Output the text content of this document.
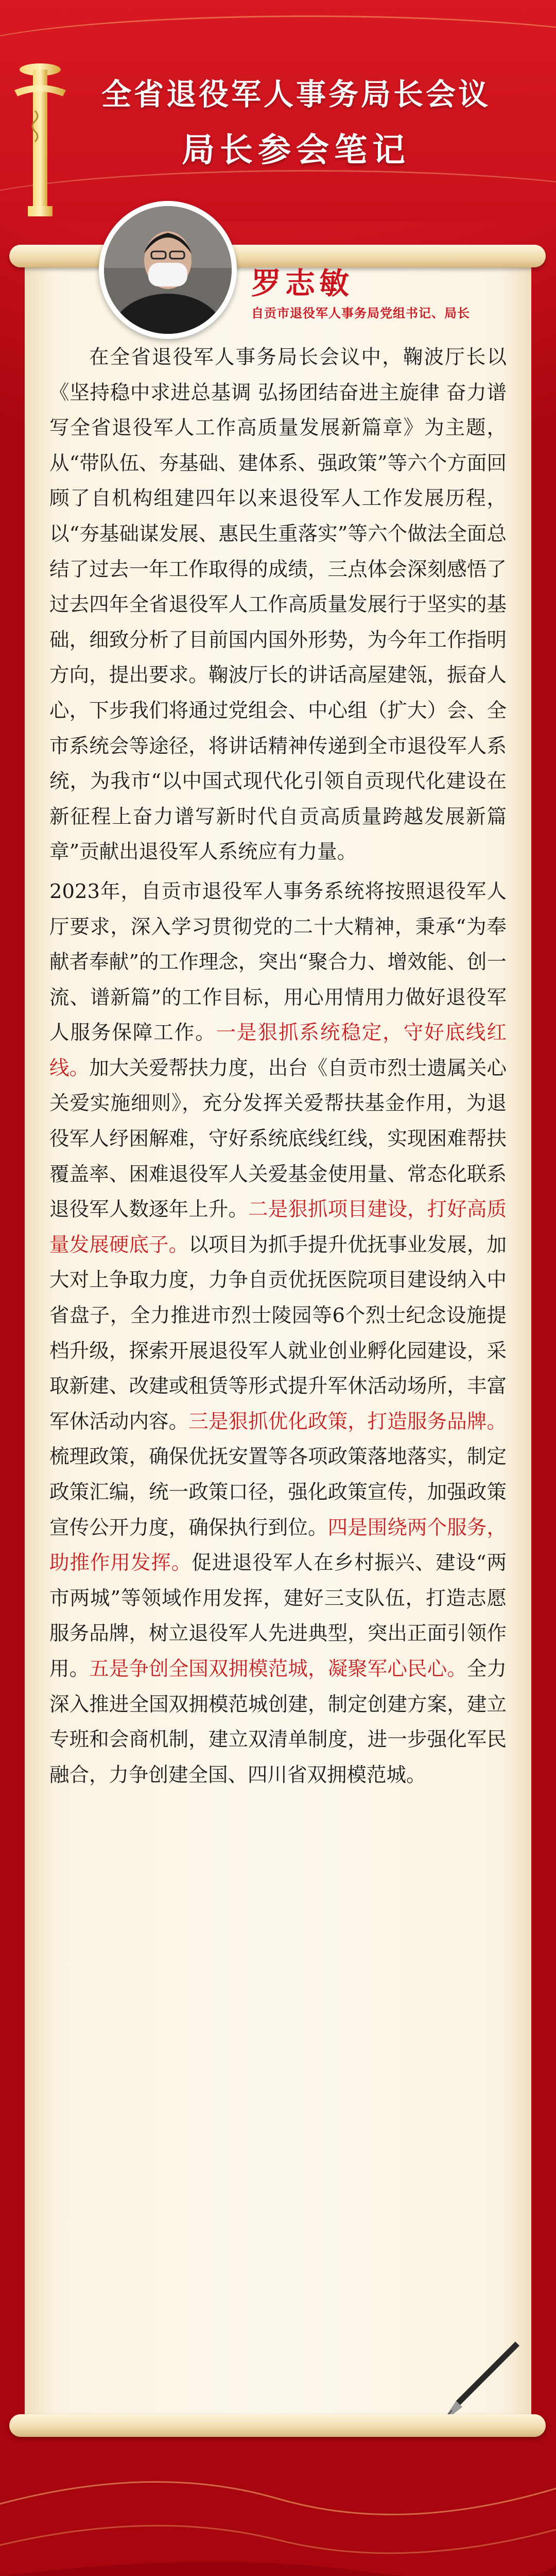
全省退役军人事务局长会议
局长参会笔记
罗志敏
自贡市退役军人事务局党组书记、局长

在全省退役军人事务局长会议中，鞠波厅长以《坚持稳中求进总基调 弘扬团结奋进主旋律 奋力谱写全省退役军人工作高质量发展新篇章》为主题，从“带队伍、夯基础、建体系、强政策”等六个方面回顾了自机构组建四年以来退役军人工作发展历程，以“夯基础谋发展、惠民生重落实”等六个做法全面总结了过去一年工作取得的成绩，三点体会深刻感悟了过去四年全省退役军人工作高质量发展行于坚实的基础，细致分析了目前国内国外形势，为今年工作指明方向，提出要求。鞠波厅长的讲话高屋建瓴，振奋人心，下步我们将通过党组会、中心组（扩大）会、全市系统会等途径，将讲话精神传递到全市退役军人系统，为我市“以中国式现代化引领自贡现代化建设在新征程上奋力谱写新时代自贡高质量跨越发展新篇章”贡献出退役军人系统应有力量。

2023年，自贡市退役军人事务系统将按照退役军人厅要求，深入学习贯彻党的二十大精神，秉承“为奉献者奉献”的工作理念，突出“聚合力、增效能、创一流、谱新篇”的工作目标，用心用情用力做好退役军人服务保障工作。一是狠抓系统稳定，守好底线红线。加大关爱帮扶力度，出台《自贡市烈士遗属关心关爱实施细则》，充分发挥关爱帮扶基金作用，为退役军人纾困解难，守好系统底线红线，实现困难帮扶覆盖率、困难退役军人关爱基金使用量、常态化联系退役军人数逐年上升。二是狠抓项目建设，打好高质量发展硬底子。以项目为抓手提升优抚事业发展，加大对上争取力度，力争自贡优抚医院项目建设纳入中省盘子，全力推进市烈士陵园等6个烈士纪念设施提档升级，探索开展退役军人就业创业孵化园建设，采取新建、改建或租赁等形式提升军休活动场所，丰富军休活动内容。三是狠抓优化政策，打造服务品牌。梳理政策，确保优抚安置等各项政策落地落实，制定政策汇编，统一政策口径，强化政策宣传，加强政策宣传公开力度，确保执行到位。四是围绕两个服务，助推作用发挥。促进退役军人在乡村振兴、建设“两市两城”等领域作用发挥，建好三支队伍，打造志愿服务品牌，树立退役军人先进典型，突出正面引领作用。五是争创全国双拥模范城，凝聚军心民心。全力深入推进全国双拥模范城创建，制定创建方案，建立专班和会商机制，建立双清单制度，进一步强化军民融合，力争创建全国、四川省双拥模范城。
